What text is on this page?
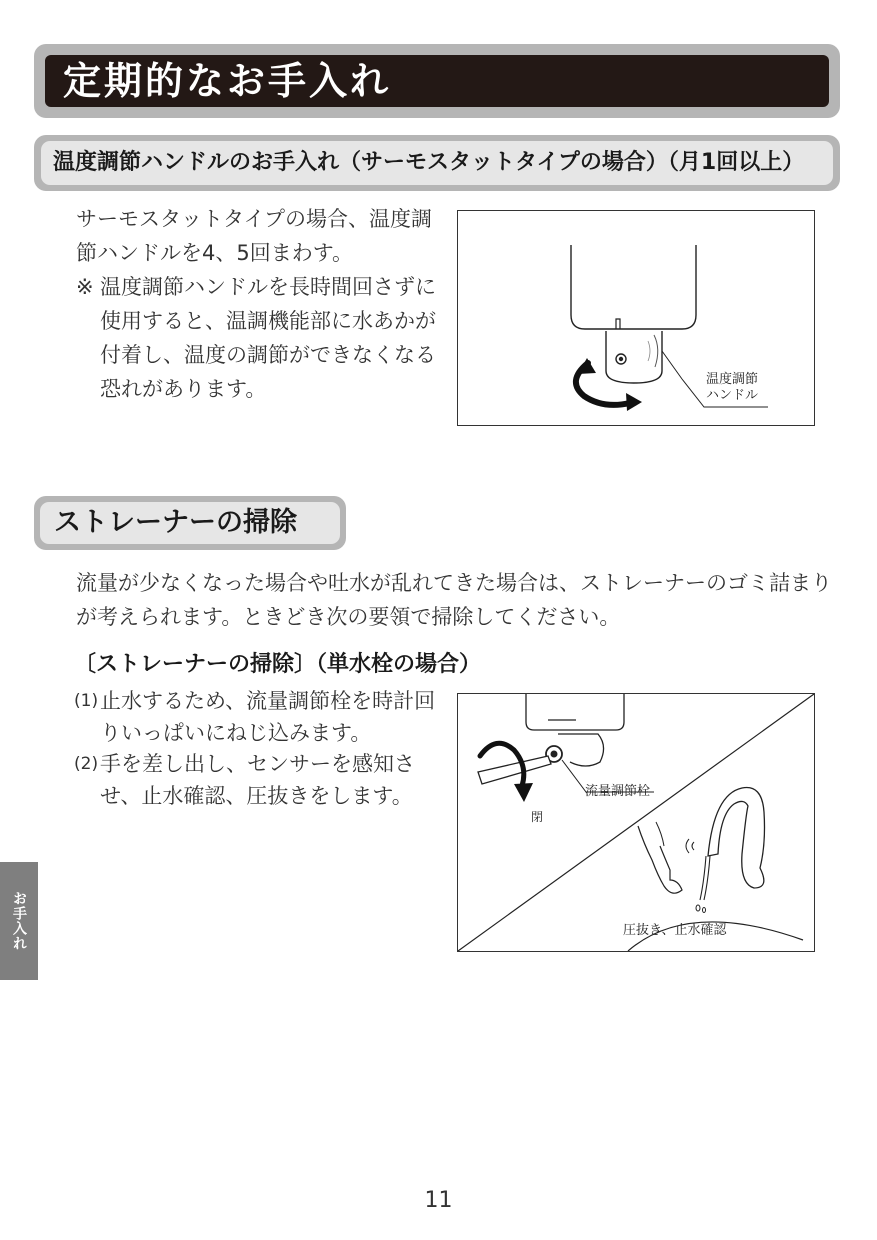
定期的なお手入れ
温度調節ハンドルのお手入れ（サーモスタットタイプの場合）（月1回以上）
サーモスタットタイプの場合、温度調節ハンドルを4、5回まわす。
※ 温度調節ハンドルを長時間回さずに使用すると、温調機能部に水あかが付着し、温度の調節ができなくなる恐れがあります。	温度調節
ハンドル
ストレーナーの掃除
流量が少なくなった場合や吐水が乱れてきた場合は、ストレーナーのゴミ詰まりが考えられます。ときどき次の要領で掃除してください。
〔ストレーナーの掃除〕（単水栓の場合）
(1) 止水するため、流量調節栓を時計回りいっぱいにねじ込みます。
(2) 手を差し出し、センサーを感知させ、止水確認、圧抜きをします。	流量調節栓
閉
圧抜き、止水確認
お手入れ
11
